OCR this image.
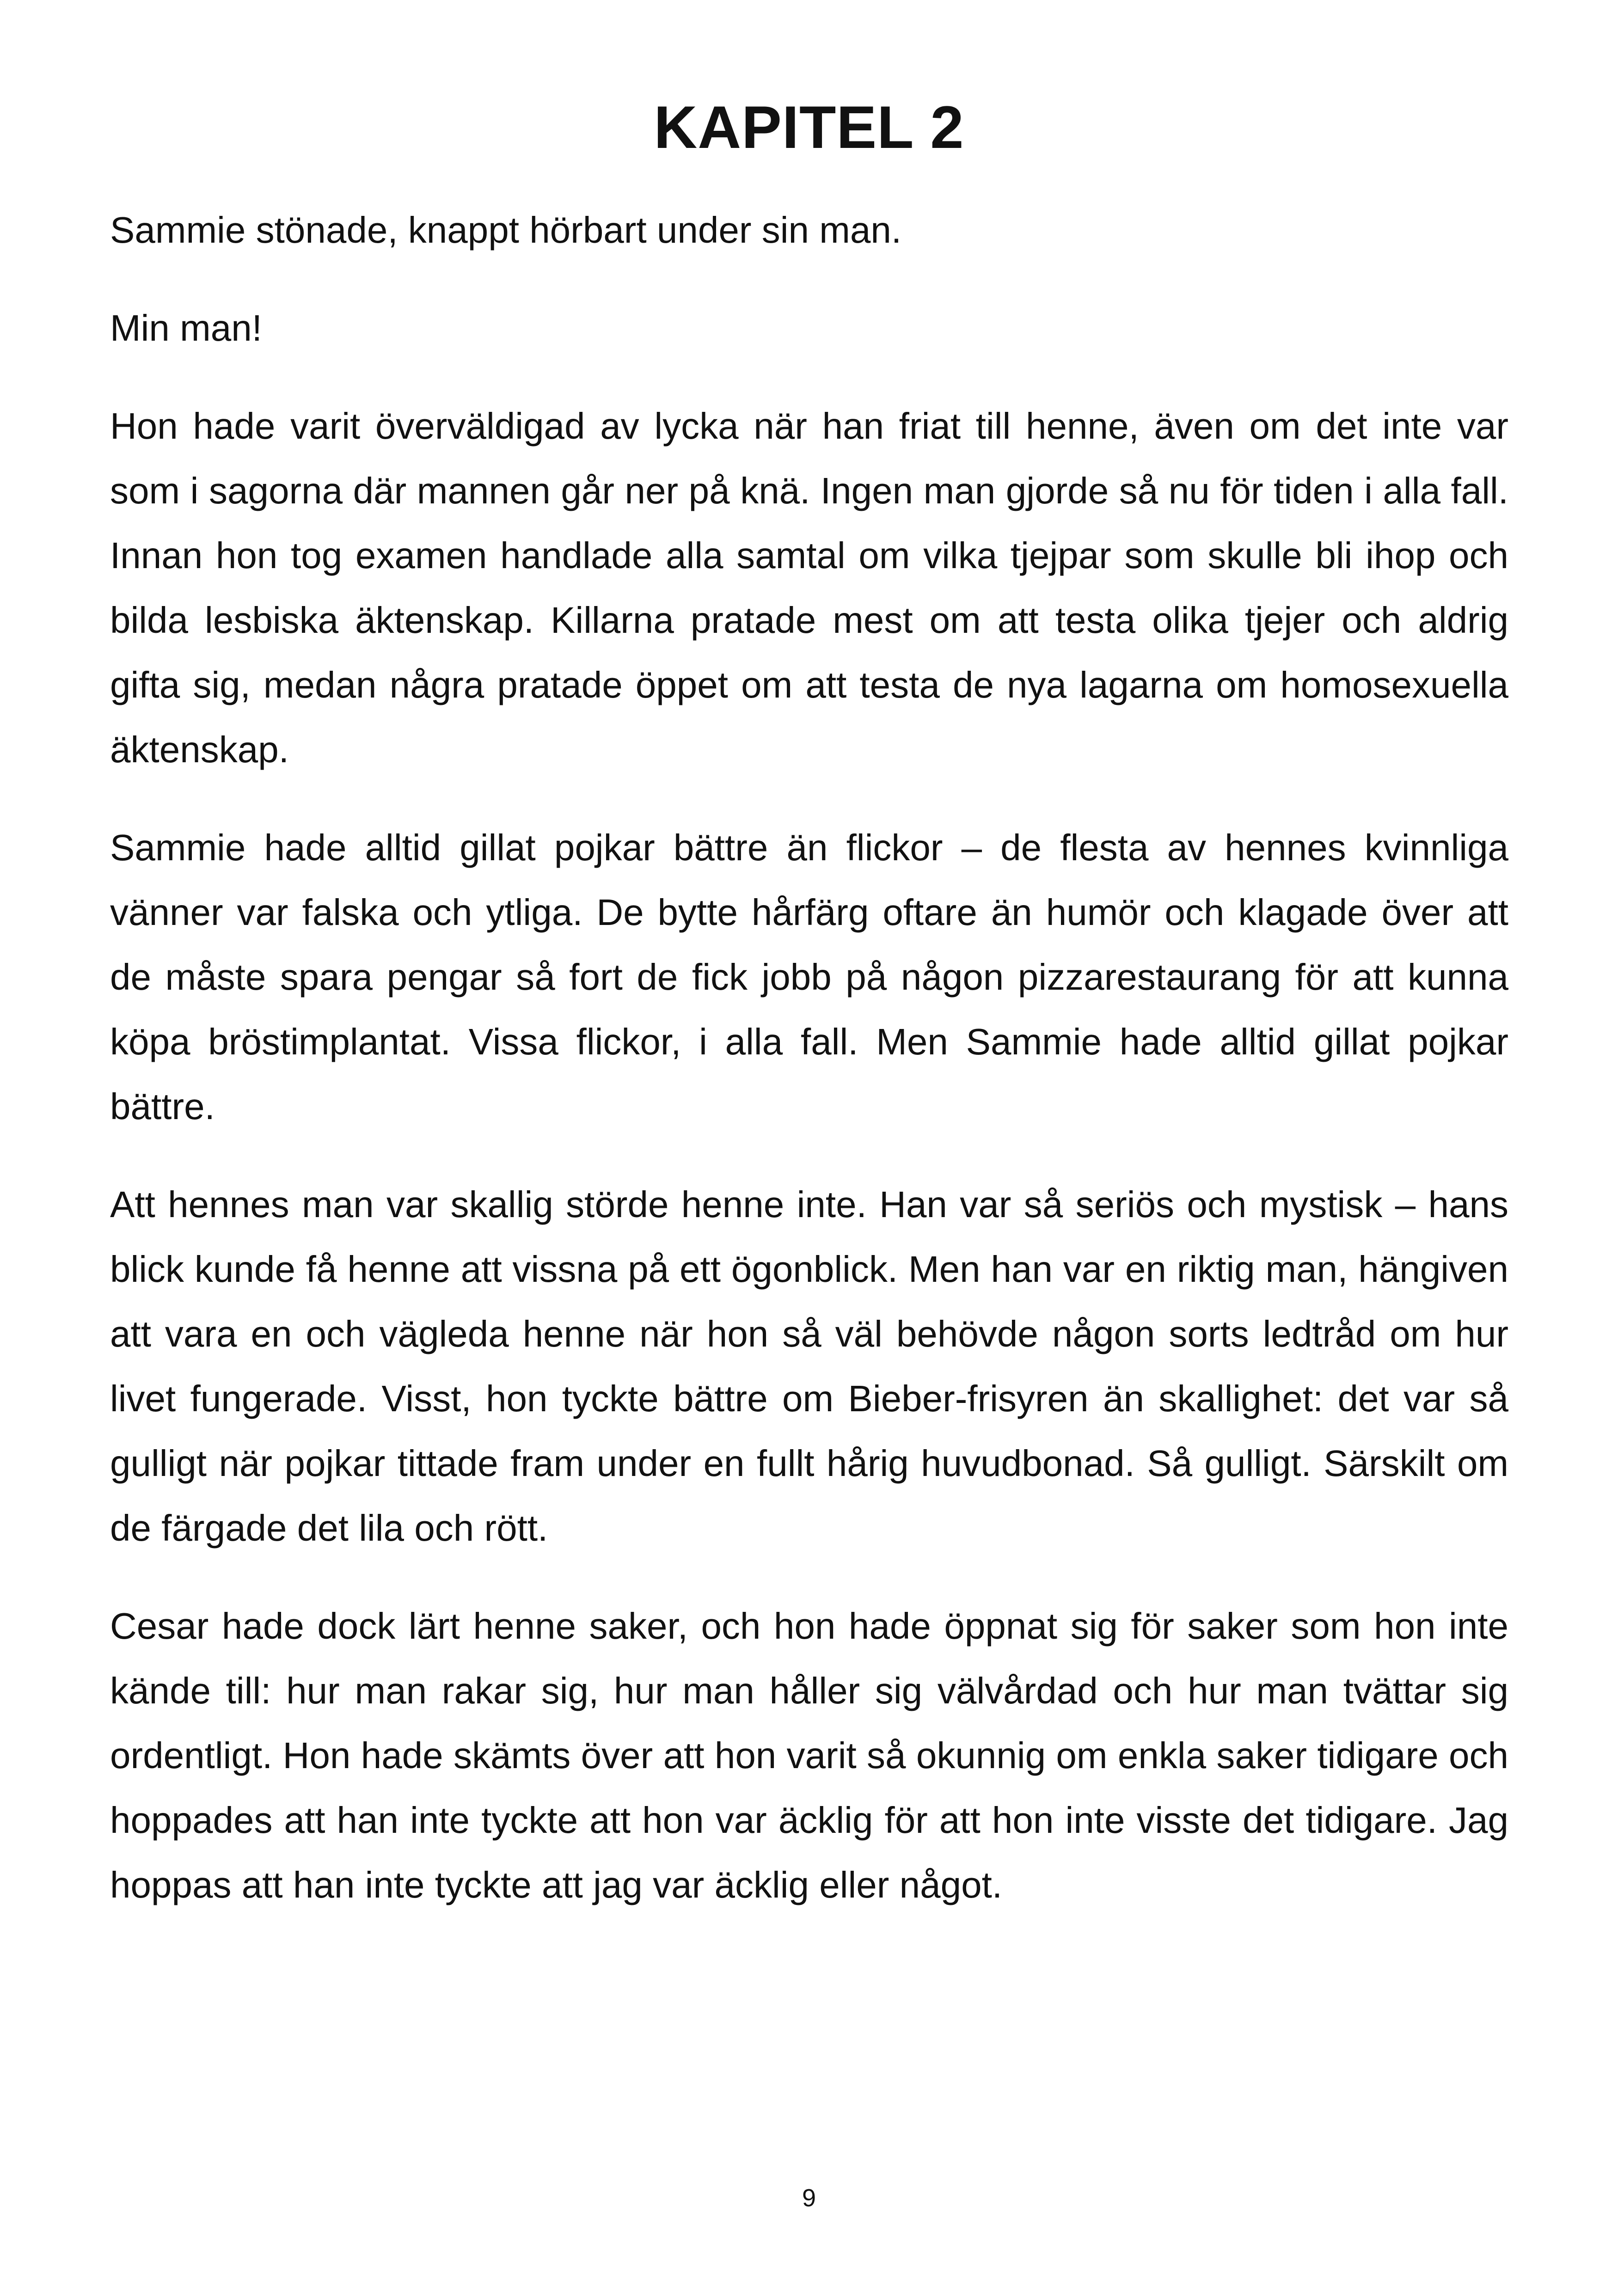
KAPITEL 2

Sammie stönade, knappt hörbart under sin man.

Min man!

Hon hade varit överväldigad av lycka när han friat till henne, även om det inte var som i sagorna där mannen går ner på knä. Ingen man gjorde så nu för tiden i alla fall. Innan hon tog examen handlade alla samtal om vilka tjejpar som skulle bli ihop och bilda lesbiska äktenskap. Killarna pratade mest om att testa olika tjejer och aldrig gifta sig, medan några pratade öppet om att testa de nya lagarna om homosexuella äktenskap.

Sammie hade alltid gillat pojkar bättre än flickor – de flesta av hennes kvinnliga vänner var falska och ytliga. De bytte hårfärg oftare än humör och klagade över att de måste spara pengar så fort de fick jobb på någon pizzarestaurang för att kunna köpa bröstimplantat. Vissa flickor, i alla fall. Men Sammie hade alltid gillat pojkar bättre.

Att hennes man var skallig störde henne inte. Han var så seriös och mystisk – hans blick kunde få henne att vissna på ett ögonblick. Men han var en riktig man, hängiven att vara en och vägleda henne när hon så väl behövde någon sorts ledtråd om hur livet fungerade. Visst, hon tyckte bättre om Bieber-frisyren än skallighet: det var så gulligt när pojkar tittade fram under en fullt hårig huvudbonad. Så gulligt. Särskilt om de färgade det lila och rött.

Cesar hade dock lärt henne saker, och hon hade öppnat sig för saker som hon inte kände till: hur man rakar sig, hur man håller sig välvårdad och hur man tvättar sig ordentligt. Hon hade skämts över att hon varit så okunnig om enkla saker tidigare och hoppades att han inte tyckte att hon var äcklig för att hon inte visste det tidigare. Jag hoppas att han inte tyckte att jag var äcklig eller något.

9
